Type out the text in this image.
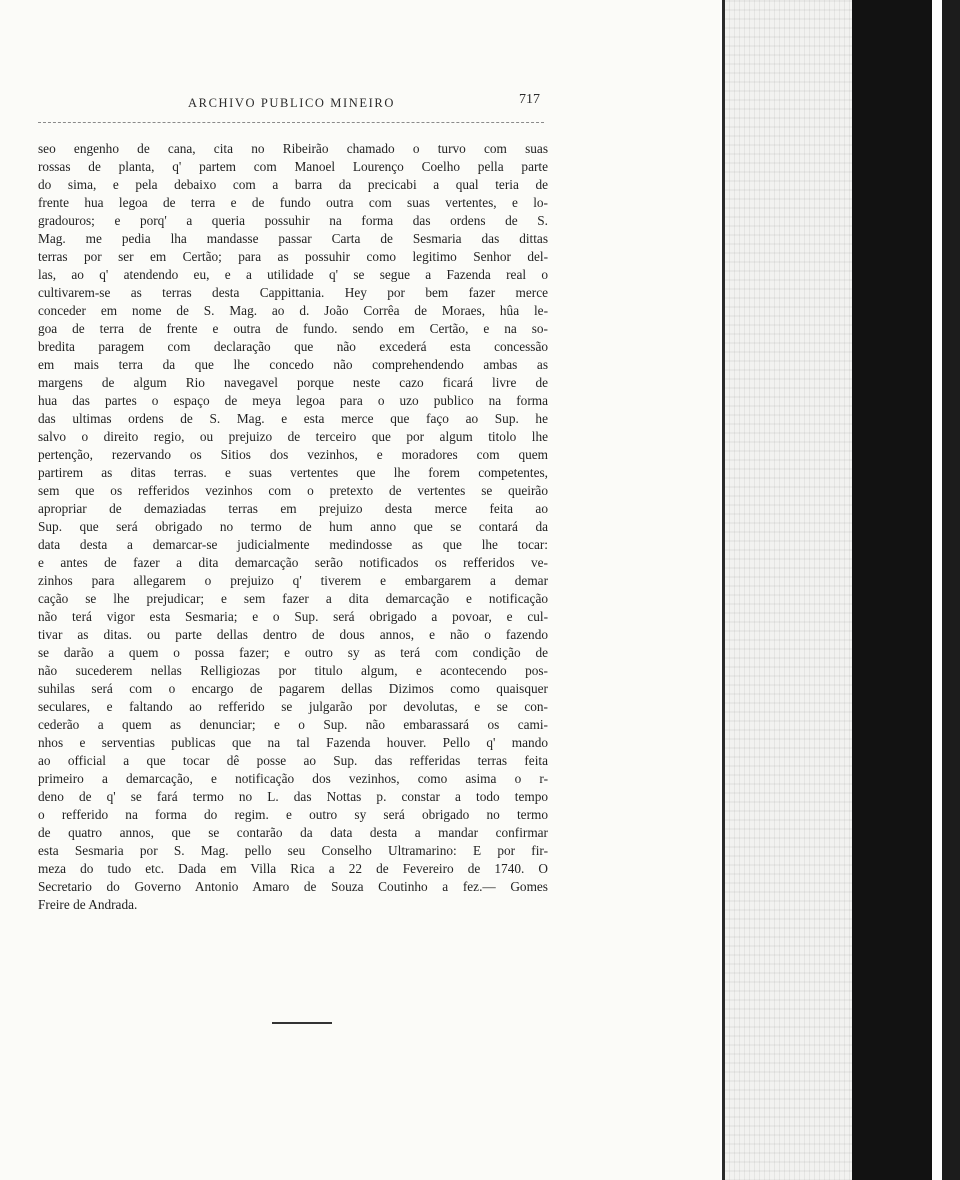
ARCHIVO PUBLICO MINEIRO	717
seo engenho de cana, cita no Ribeirão chamado o turvo com suas
rossas de planta, q' partem com Manoel Lourenço Coelho pella parte
do sima, e pela debaixo com a barra da precicabi a qual teria de
frente hua legoa de terra e de fundo outra com suas vertentes, e lo-
gradouros; e porq' a queria possuhir na forma das ordens de S.
Mag. me pedia lha mandasse passar Carta de Sesmaria das dittas
terras por ser em Certão; para as possuhir como legitimo Senhor del-
las, ao q' atendendo eu, e a utilidade q' se segue a Fazenda real o
cultivarem-se as terras desta Cappittania. Hey por bem fazer merce
conceder em nome de S. Mag. ao d. João Corrêa de Moraes, hûa le-
goa de terra de frente e outra de fundo. sendo em Certão, e na so-
bredita paragem com declaração que não excederá esta concessão
em mais terra da que lhe concedo não comprehendendo ambas as
margens de algum Rio navegavel porque neste cazo ficará livre de
hua das partes o espaço de meya legoa para o uzo publico na forma
das ultimas ordens de S. Mag. e esta merce que faço ao Sup. he
salvo o direito regio, ou prejuizo de terceiro que por algum titolo lhe
pertenção, rezervando os Sitios dos vezinhos, e moradores com quem
partirem as ditas terras. e suas vertentes que lhe forem competentes,
sem que os refferidos vezinhos com o pretexto de vertentes se queirão
apropriar de demaziadas terras em prejuizo desta merce feita ao
Sup. que será obrigado no termo de hum anno que se contará da
data desta a demarcar-se judicialmente medindosse as que lhe tocar:
e antes de fazer a dita demarcação serão notificados os refferidos ve-
zinhos para allegarem o prejuizo q' tiverem e embargarem a demar
cação se lhe prejudicar; e sem fazer a dita demarcação e notificação
não terá vigor esta Sesmaria; e o Sup. será obrigado a povoar, e cul-
tivar as ditas. ou parte dellas dentro de dous annos, e não o fazendo
se darão a quem o possa fazer; e outro sy as terá com condição de
não sucederem nellas Relligiozas por titulo algum, e acontecendo pos-
suhilas será com o encargo de pagarem dellas Dizimos como quaisquer
seculares, e faltando ao refferido se julgarão por devolutas, e se con-
cederão a quem as denunciar; e o Sup. não embarassará os cami-
nhos e serventias publicas que na tal Fazenda houver. Pello q' mando
ao official a que tocar dê posse ao Sup. das refferidas terras feita
primeiro a demarcação, e notificação dos vezinhos, como asima o r-
deno de q' se fará termo no L. das Nottas p. constar a todo tempo
o refferido na forma do regim. e outro sy será obrigado no termo
de quatro annos, que se contarão da data desta a mandar confirmar
esta Sesmaria por S. Mag. pello seu Conselho Ultramarino: E por fir-
meza do tudo etc. Dada em Villa Rica a 22 de Fevereiro de 1740. O
Secretario do Governo Antonio Amaro de Souza Coutinho a fez.— Gomes
Freire de Andrada.
